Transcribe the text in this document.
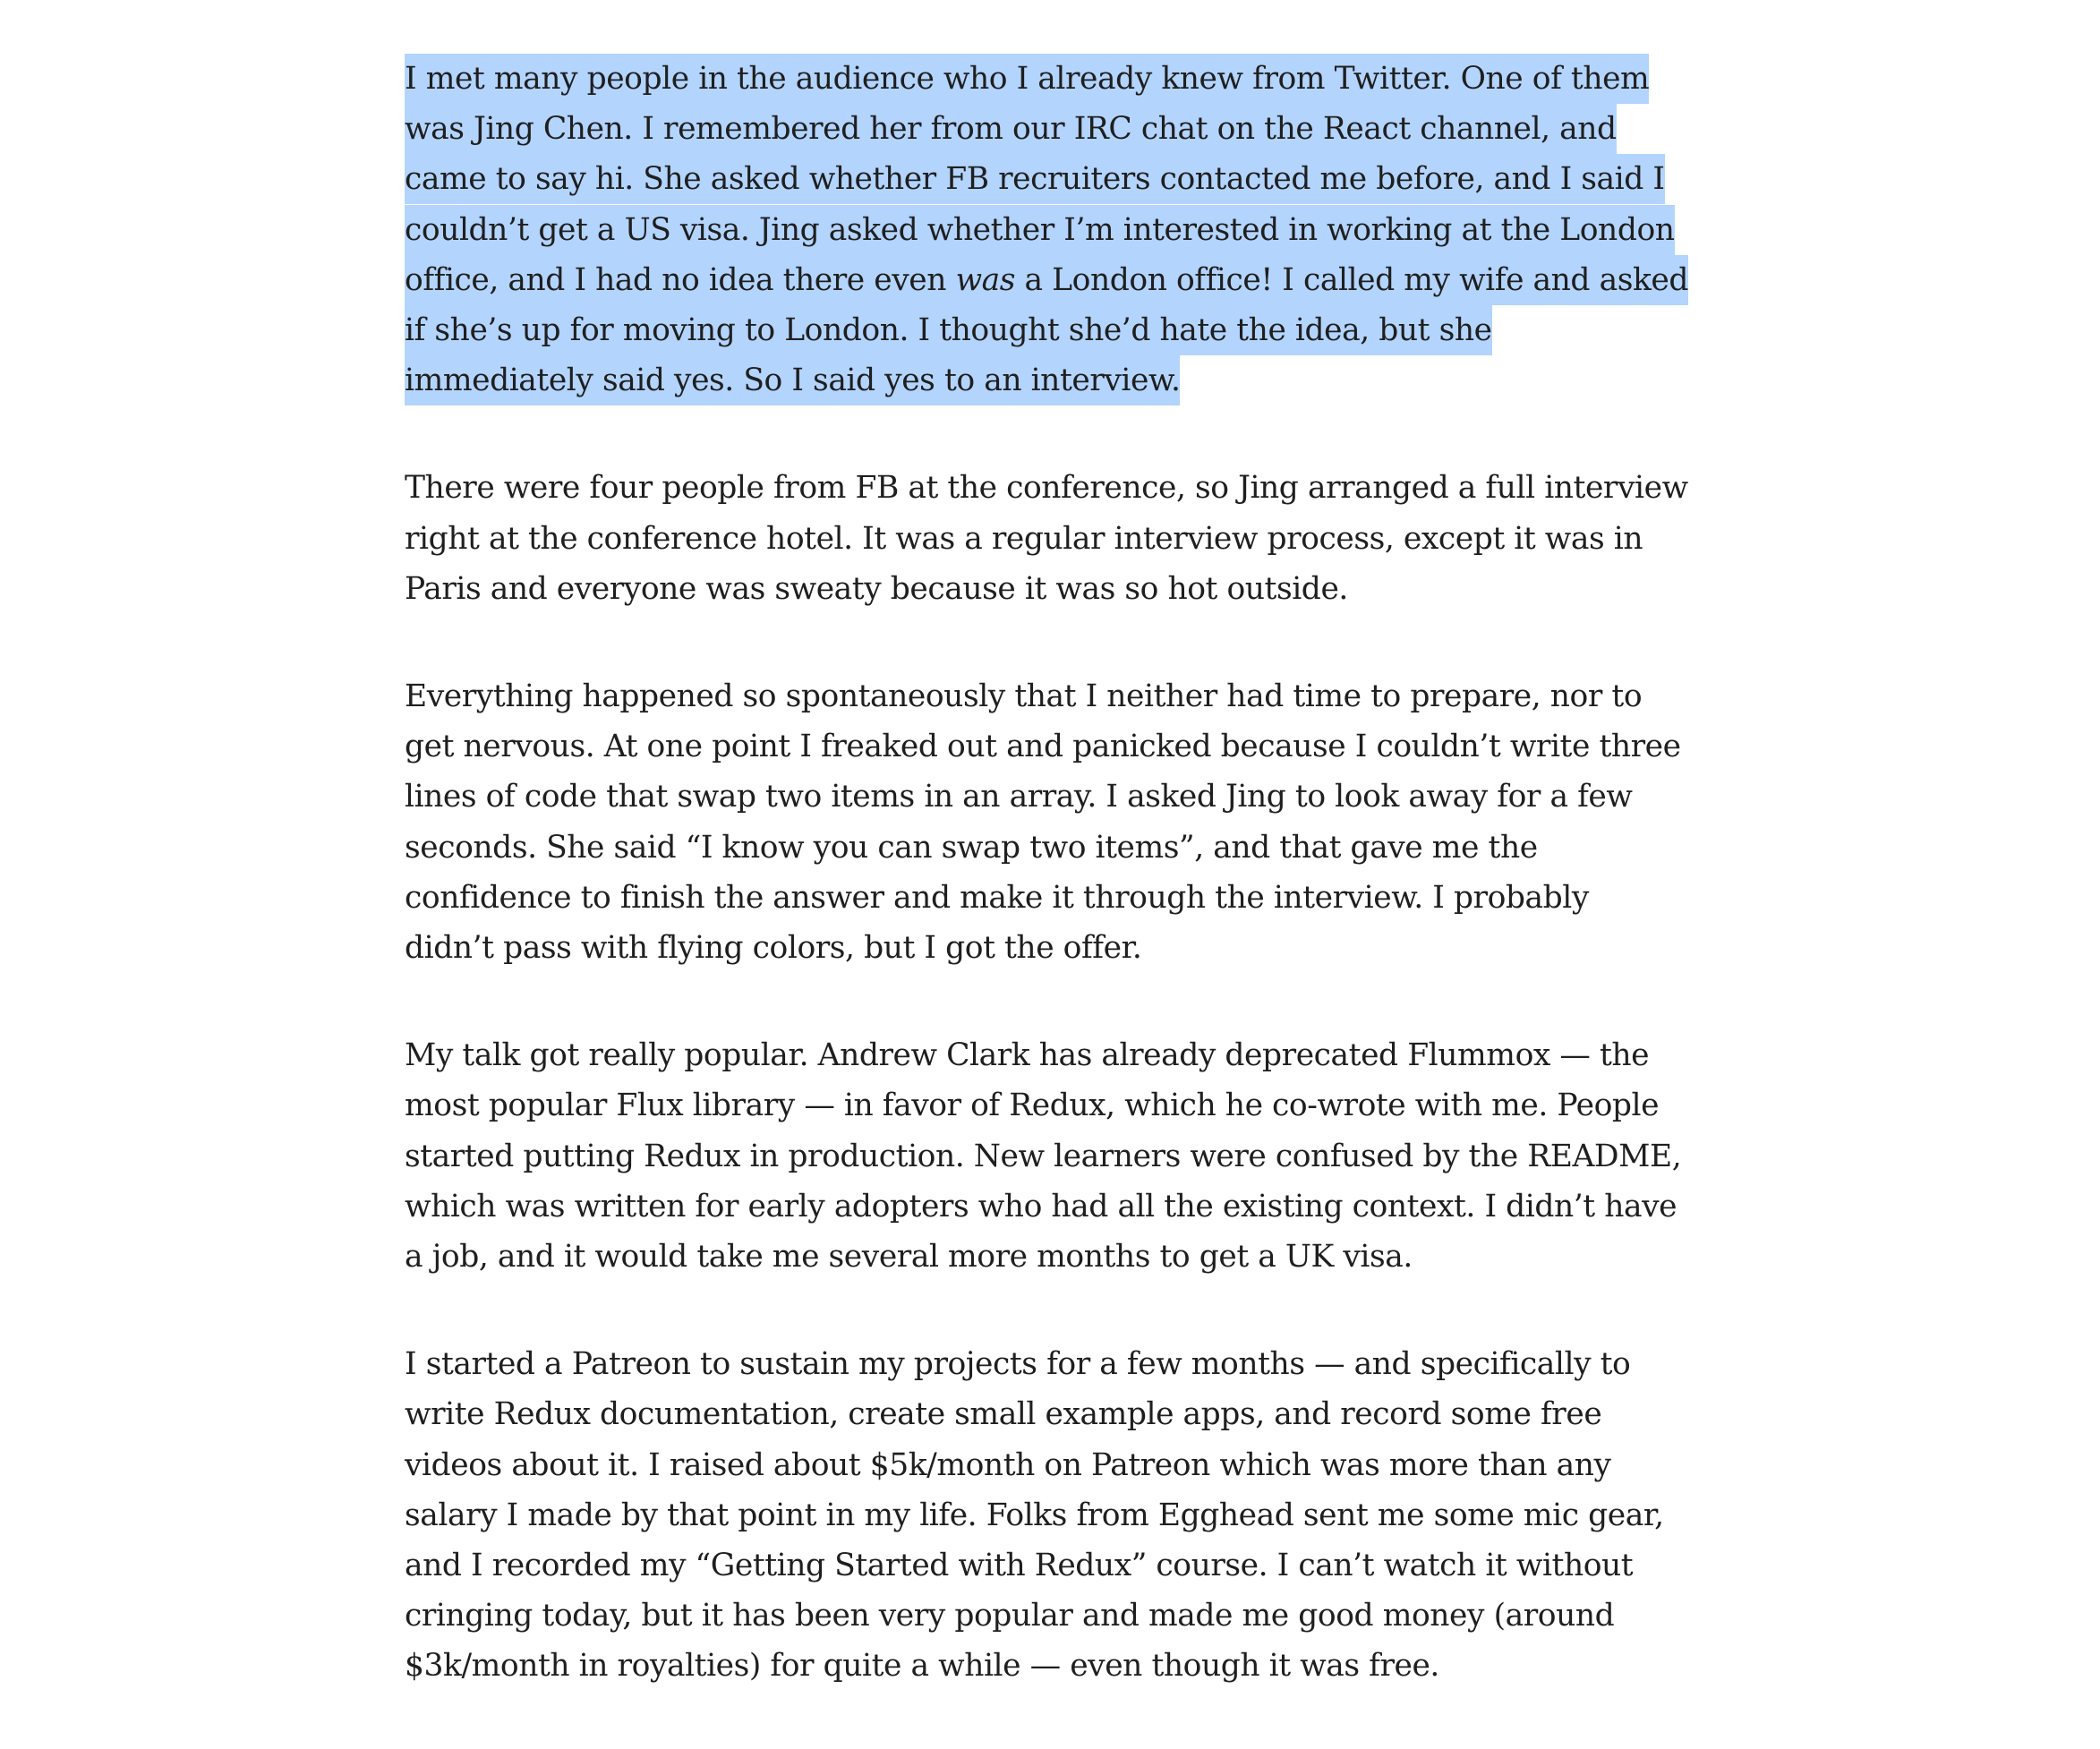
I met many people in the audience who I already knew from Twitter. One of them
was Jing Chen. I remembered her from our IRC chat on the React channel, and
came to say hi. She asked whether FB recruiters contacted me before, and I said I
couldn’t get a US visa. Jing asked whether I’m interested in working at the London
office, and I had no idea there even was a London office! I called my wife and asked
if she’s up for moving to London. I thought she’d hate the idea, but she
immediately said yes. So I said yes to an interview.

There were four people from FB at the conference, so Jing arranged a full interview
right at the conference hotel. It was a regular interview process, except it was in
Paris and everyone was sweaty because it was so hot outside.

Everything happened so spontaneously that I neither had time to prepare, nor to
get nervous. At one point I freaked out and panicked because I couldn’t write three
lines of code that swap two items in an array. I asked Jing to look away for a few
seconds. She said “I know you can swap two items”, and that gave me the
confidence to finish the answer and make it through the interview. I probably
didn’t pass with flying colors, but I got the offer.

My talk got really popular. Andrew Clark has already deprecated Flummox — the
most popular Flux library — in favor of Redux, which he co-wrote with me. People
started putting Redux in production. New learners were confused by the README,
which was written for early adopters who had all the existing context. I didn’t have
a job, and it would take me several more months to get a UK visa.

I started a Patreon to sustain my projects for a few months — and specifically to
write Redux documentation, create small example apps, and record some free
videos about it. I raised about $5k/month on Patreon which was more than any
salary I made by that point in my life. Folks from Egghead sent me some mic gear,
and I recorded my “Getting Started with Redux” course. I can’t watch it without
cringing today, but it has been very popular and made me good money (around
$3k/month in royalties) for quite a while — even though it was free.
